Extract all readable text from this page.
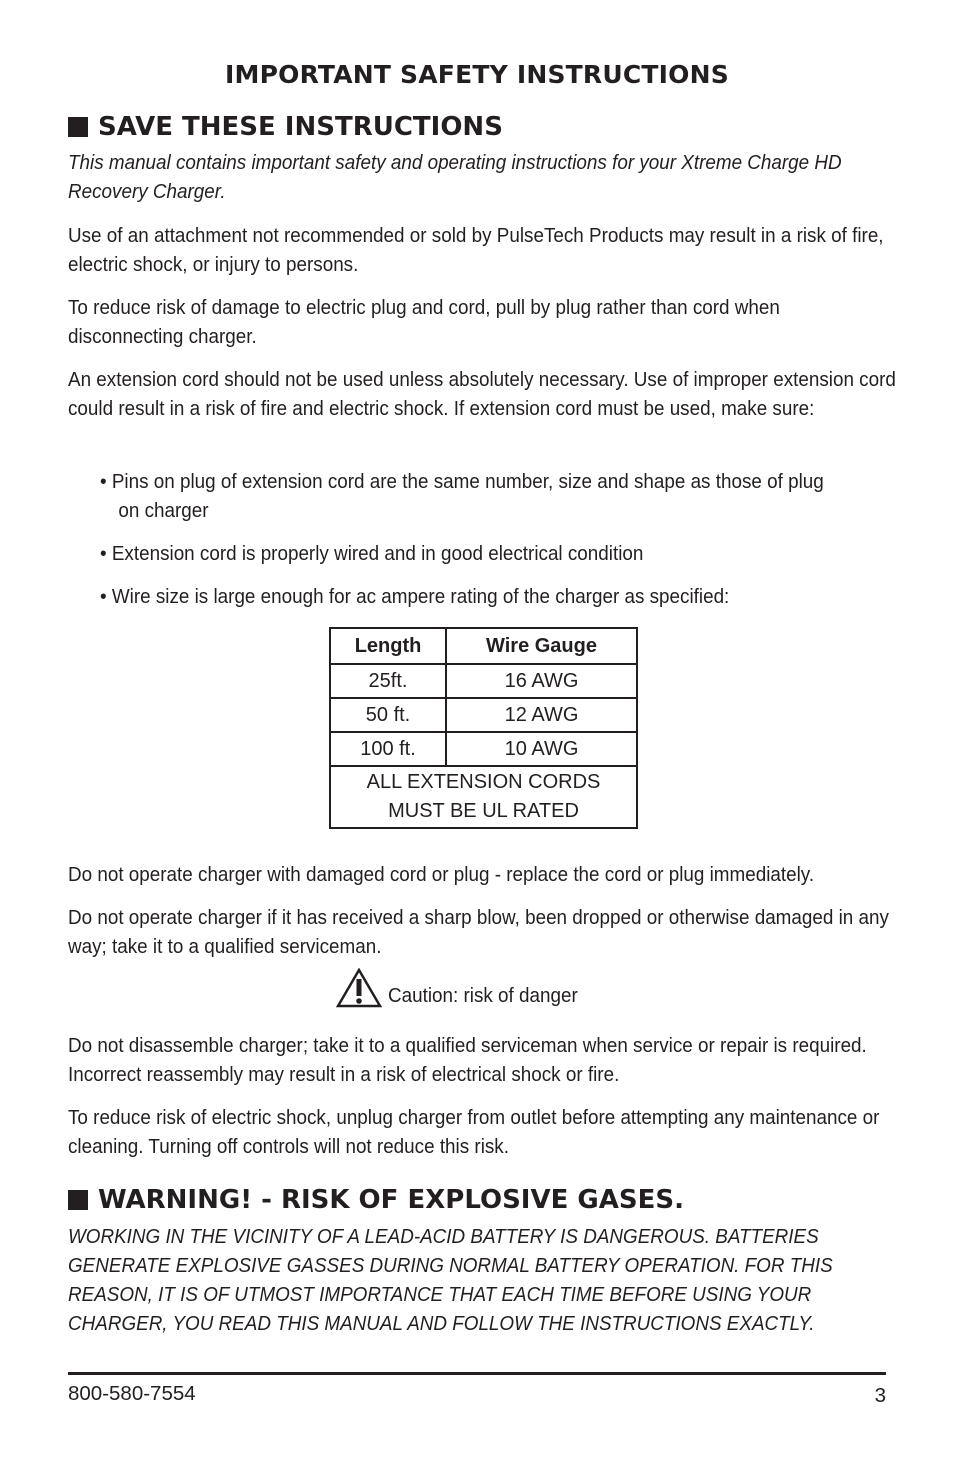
IMPORTANT SAFETY INSTRUCTIONS
SAVE THESE INSTRUCTIONS
This manual contains important safety and operating instructions for your Xtreme Charge HD Recovery Charger.
Use of an attachment not recommended or sold by PulseTech Products may result in a risk of fire, electric shock, or injury to persons.
To reduce risk of damage to electric plug and cord, pull by plug rather than cord when disconnecting charger.
An extension cord should not be used unless absolutely necessary. Use of improper extension cord could result in a risk of fire and electric shock. If extension cord must be used, make sure:
• Pins on plug of extension cord are the same number, size and shape as those of plug
on charger
• Extension cord is properly wired and in good electrical condition
• Wire size is large enough for ac ampere rating of the charger as specified:
Length	Wire Gauge
25ft.	16 AWG
50 ft.	12 AWG
100 ft.	10 AWG
ALL EXTENSION CORDS
MUST BE UL RATED	
Do not operate charger with damaged cord or plug - replace the cord or plug immediately.
Do not operate charger if it has received a sharp blow, been dropped or otherwise damaged in any way; take it to a qualified serviceman.
Caution: risk of danger
Do not disassemble charger; take it to a qualified serviceman when service or repair is required. Incorrect reassembly may result in a risk of electrical shock or fire.
To reduce risk of electric shock, unplug charger from outlet before attempting any maintenance or cleaning. Turning off controls will not reduce this risk.
WARNING! - RISK OF EXPLOSIVE GASES.
WORKING IN THE VICINITY OF A LEAD-ACID BATTERY IS DANGEROUS. BATTERIES GENERATE EXPLOSIVE GASSES DURING NORMAL BATTERY OPERATION. FOR THIS REASON, IT IS OF UTMOST IMPORTANCE THAT EACH TIME BEFORE USING YOUR CHARGER, YOU READ THIS MANUAL AND FOLLOW THE INSTRUCTIONS EXACTLY.
800-580-7554	3
